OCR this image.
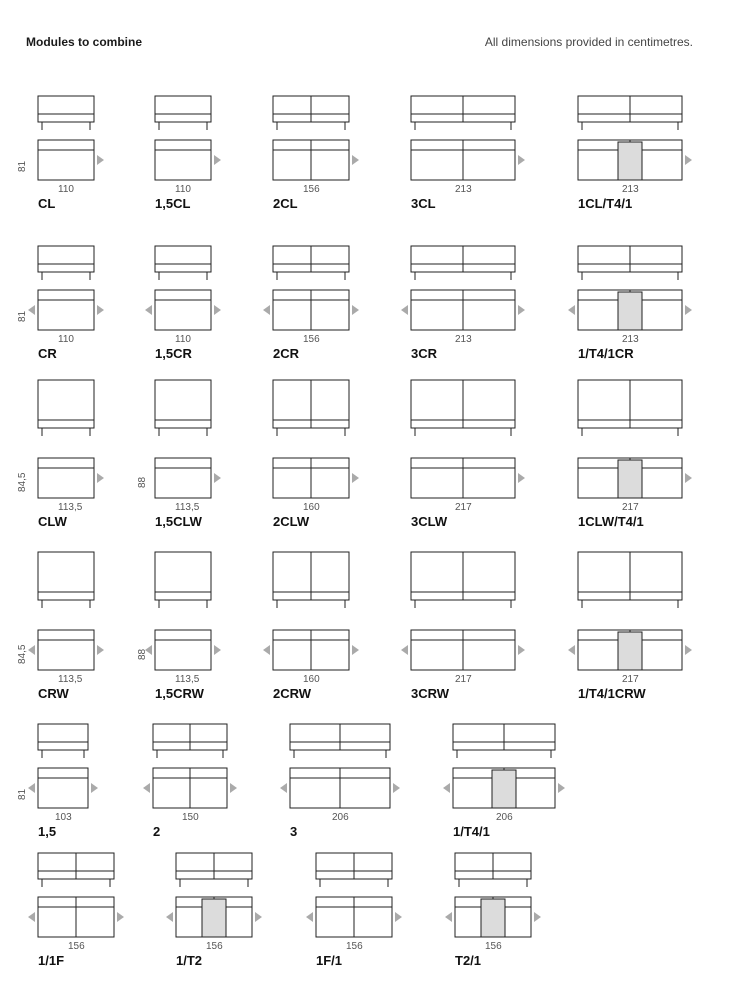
Modules to combine	All dimensions provided in centimetres.
81
110
CL
110
1,5CL
156
2CL
213
3CL
213
1CL/T4/1
81
110
CR
110
1,5CR
156
2CR
213
3CR
213
1/T4/1CR
84,5	88
113,5
CLW
113,5
1,5CLW
160
2CLW
217
3CLW
217
1CLW/T4/1
84,5	88
113,5
CRW
113,5
1,5CRW
160
2CRW
217
3CRW
217
1/T4/1CRW
81
103
1,5
150
2
206
3
206
1/T4/1
156
1/1F
156
1/T2
156
1F/1
156
T2/1
